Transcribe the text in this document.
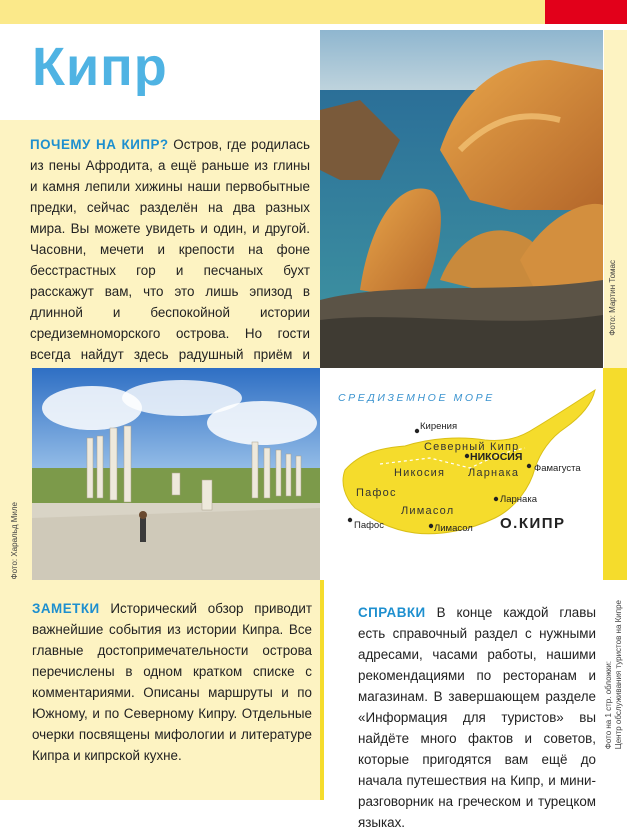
Кипр
ПОЧЕМУ НА КИПР? Остров, где родилась из пены Афродита, а ещё раньше из глины и камня лепили хижины наши первобытные предки, сейчас разделён на два разных мира. Вы можете увидеть и один, и другой. Часовни, мечети и крепости на фоне бесстрастных гор и песчаных бухт расскажут вам, что это лишь эпизод в длинной и беспокойной истории средиземноморского острова. Но гости всегда найдут здесь радушный приём и
Фото: Мартин Томас
Фото: Харальд Миле
СРЕДИЗЕМНОЕ МОРЕ
Кирения
Северный Кипр
НИКОСИЯ
Никосия Ларнака Фамагуста
Пафос
Ларнака
Лимасол
Пафос	Лимасол О.КИПР
ЗАМЕТКИ Исторический обзор приводит важнейшие события из истории Кипра. Все главные достопримечательности острова перечислены в одном кратком списке с комментариями. Описаны маршруты и по Южному, и по Северному Кипру. Отдельные очерки посвящены мифологии и литературе Кипра и кипрской кухне.
СПРАВКИ В конце каждой главы есть справочный раздел с нужными адресами, часами работы, нашими рекомендациями по ресторанам и магазинам. В завершающем разделе «Информация для туристов» вы найдёте много фактов и советов, которые пригодятся вам ещё до начала путешествия на Кипр, и мини-разговорник на греческом и турецком языках.
Фото на 1 стр. обложки:
Центр обслуживания туристов на Кипре
